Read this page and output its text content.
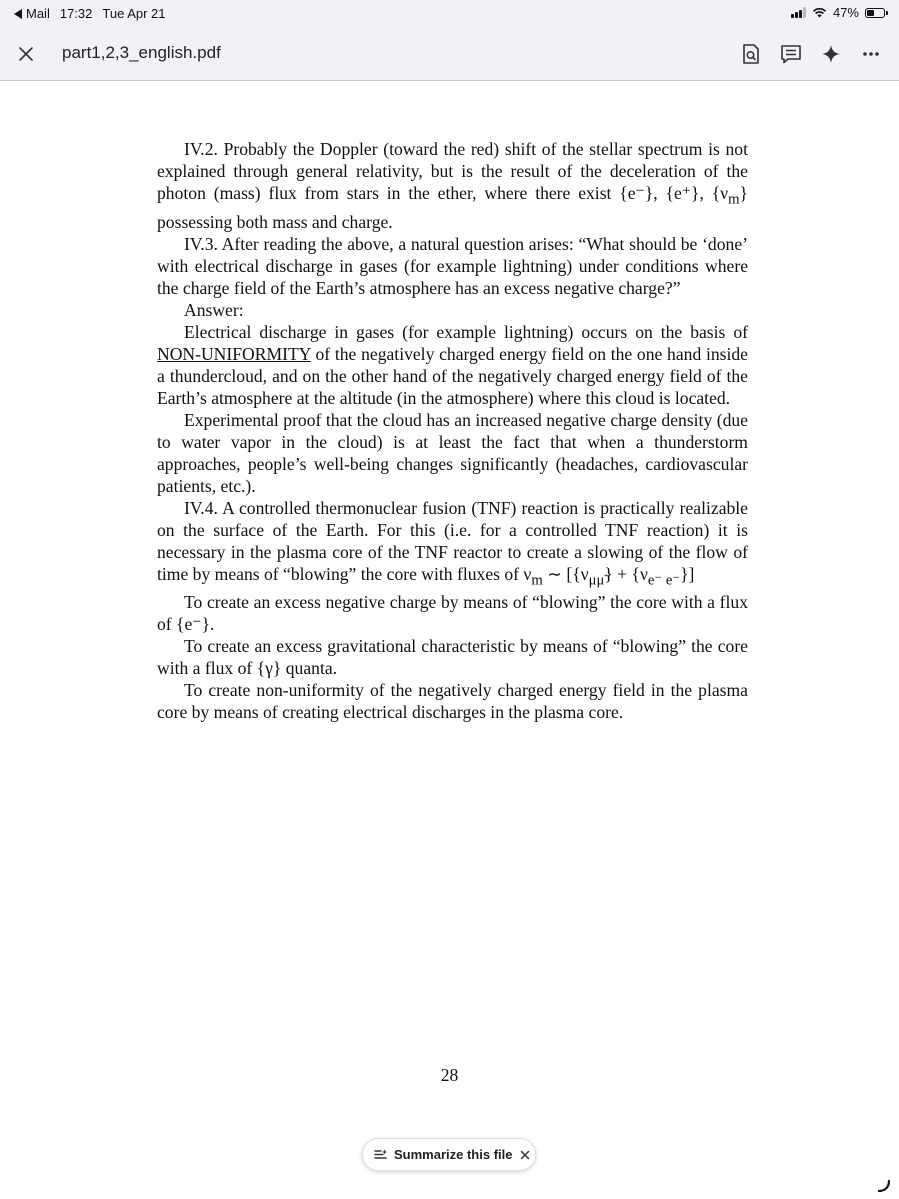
Mail 17:32 Tue Apr 21	47%
part1,2,3_english.pdf

IV.2. Probably the Doppler (toward the red) shift of the stellar spectrum is not explained through general relativity, but is the result of the deceleration of the photon (mass) flux from stars in the ether, where there exist {e⁻}, {e⁺}, $\{\nu_m\}$ possessing both mass and charge.

IV.3. After reading the above, a natural question arises: “What should be ‘done’ with electrical discharge in gases (for example lightning) under conditions where the charge field of the Earth’s atmosphere has an excess negative charge?”

Answer:

Electrical discharge in gases (for example lightning) occurs on the basis of NON-UNIFORMITY of the negatively charged energy field on the one hand inside a thundercloud, and on the other hand of the negatively charged energy field of the Earth’s atmosphere at the altitude (in the atmosphere) where this cloud is located.

Experimental proof that the cloud has an increased negative charge density (due to water vapor in the cloud) is at least the fact that when a thunderstorm approaches, people’s well-being changes significantly (headaches, cardiovascular patients, etc.).

IV.4. A controlled thermonuclear fusion (TNF) reaction is practically realizable on the surface of the Earth. For this (i.e. for a controlled TNF reaction) it is necessary in the plasma core of the TNF reactor to create a slowing of the flow of time by means of “blowing” the core with fluxes of $\nu_m$ ∼ $[\{\nu_{\mu\mũ}\} + \{\nu_{e^- e^-}\}]$

To create an excess negative charge by means of “blowing” the core with a flux of {e⁻}.

To create an excess gravitational characteristic by means of “blowing” the core with a flux of {γ} quanta.

To create non-uniformity of the negatively charged energy field in the plasma core by means of creating electrical discharges in the plasma core.

28
Summarize this file
